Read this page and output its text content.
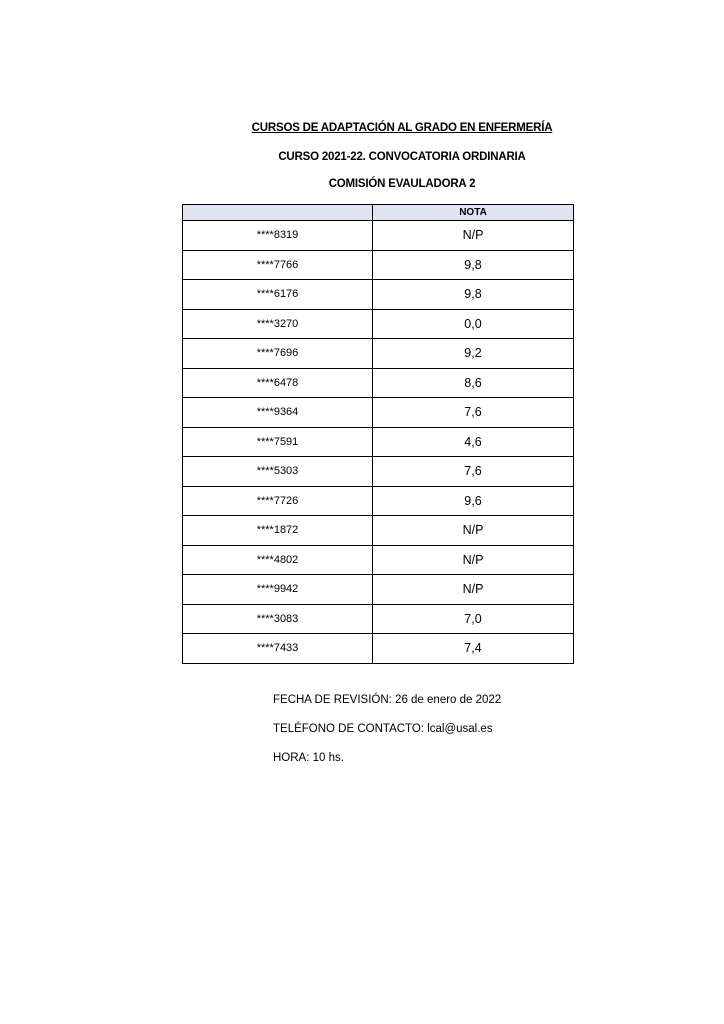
CURSOS DE ADAPTACIÓN AL GRADO EN ENFERMERÍA
CURSO 2021-22. CONVOCATORIA ORDINARIA
COMISIÓN EVAULADORA 2
NOTA
****8319	N/P
****7766	9,8
****6176	9,8
****3270	0,0
****7696	9,2
****6478	8,6
****9364	7,6
****7591	4,6
****5303	7,6
****7726	9,6
****1872	N/P
****4802	N/P
****9942	N/P
****3083	7,0
****7433	7,4
FECHA DE REVISIÓN: 26 de enero de 2022
TELÉFONO DE CONTACTO: lcal@usal.es
HORA: 10 hs.
